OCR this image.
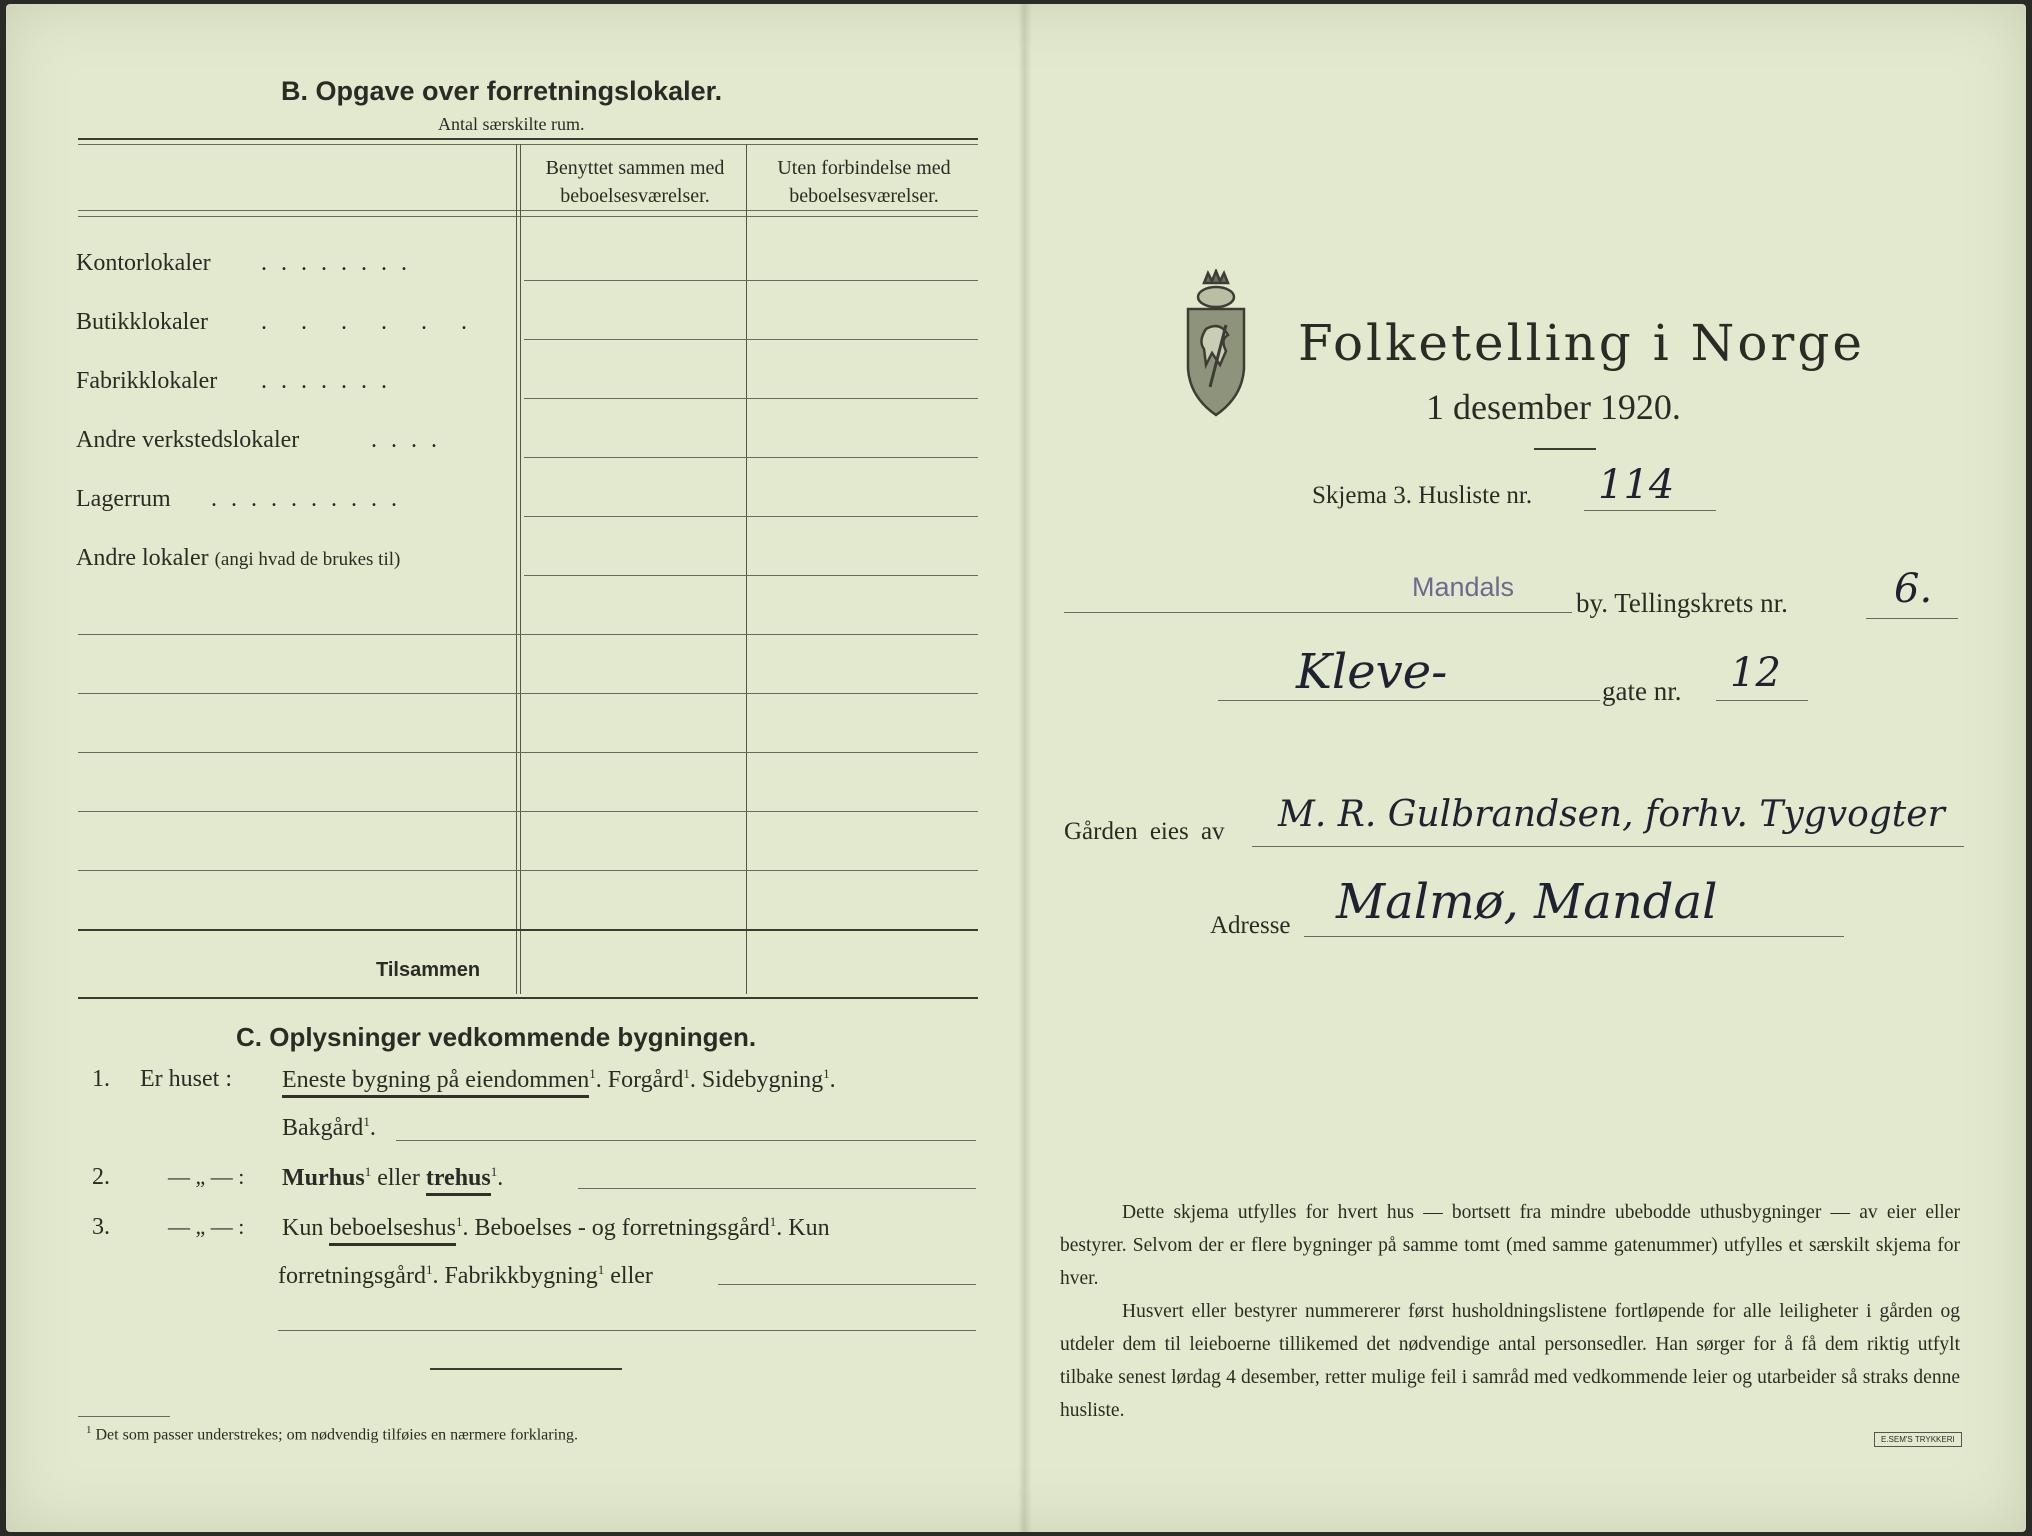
B. Opgave over forretningslokaler.
Antal særskilte rum.
Benyttet sammen med
beboelsesværelser.
Uten forbindelse med
beboelsesværelser.
Kontorlokaler ........
Butikklokaler . . . . . .
Fabrikklokaler .......
Andre verkstedslokaler	....
Lagerrum ..........
Andre lokaler (angi hvad de brukes til)
Tilsammen
C. Oplysninger vedkommende bygningen.
1. Er huset : Eneste bygning på eiendommen$^1$. Forgård$^1$. Sidebygning$^1$.
Bakgård$^1$.
2.	— „ — : Murhus$^1$ eller trehus$^1$.
3.	— „ — : Kun beboelseshus$^1$. Beboelses - og forretningsgård$^1$. Kun
forretningsgård$^1$. Fabrikkbygning$^1$ eller
$^1$ Det som passer understrekes; om nødvendig tilføies en nærmere forklaring.
Folketelling i Norge
1 desember 1920.
Skjema 3. Husliste nr. 114
Mandals
by. Tellingskrets nr.	6.
Kleve-	gate nr. 12
Gården eies av M. R. Gulbrandsen, forhv. Tygvogter
Adresse Malmø, Mandal
Dette skjema utfylles for hvert hus — bortsett fra mindre ubebodde uthusbygninger — av eier eller bestyrer. Selvom der er flere bygninger på samme tomt (med samme gatenummer) utfylles et særskilt skjema for hver.
Husvert eller bestyrer nummererer først husholdningslistene fortløpende for alle leiligheter i gården og utdeler dem til leieboerne tillikemed det nødvendige antal personsedler. Han sørger for å få dem riktig utfylt tilbake senest lørdag 4 desember, retter mulige feil i samråd med vedkommende leier og utarbeider så straks denne husliste.
E.SEM'S TRYKKERI
